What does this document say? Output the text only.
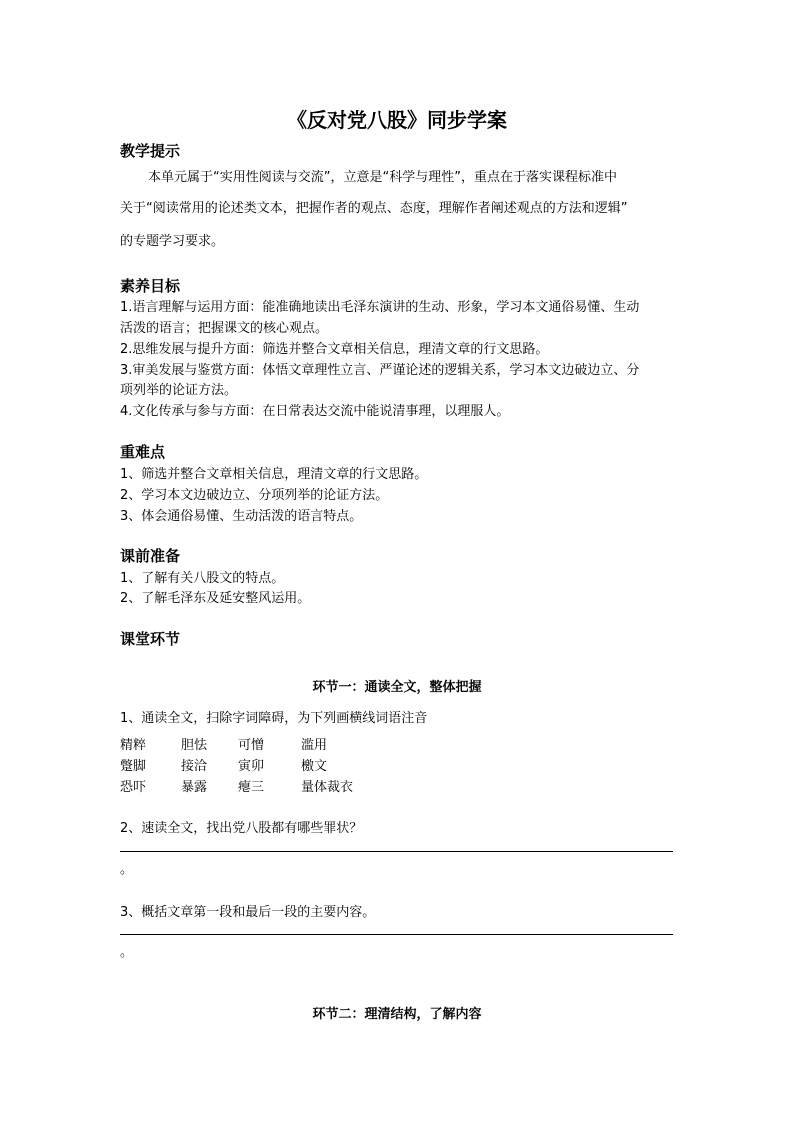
《反对党八股》同步学案
教学提示
本单元属于“实用性阅读与交流”，立意是“科学与理性”，重点在于落实课程标准中
关于“阅读常用的论述类文本，把握作者的观点、态度，理解作者阐述观点的方法和逻辑”
的专题学习要求。
素养目标
1.语言理解与运用方面：能准确地读出毛泽东演讲的生动、形象，学习本文通俗易懂、生动
活泼的语言；把握课文的核心观点。
2.思维发展与提升方面：筛选并整合文章相关信息，理清文章的行文思路。
3.审美发展与鉴赏方面：体悟文章理性立言、严谨论述的逻辑关系，学习本文边破边立、分
项列举的论证方法。
4.文化传承与参与方面：在日常表达交流中能说清事理，以理服人。
重难点
1、筛选并整合文章相关信息，理清文章的行文思路。
2、学习本文边破边立、分项列举的论证方法。
3、体会通俗易懂、生动活泼的语言特点。
课前准备
1、了解有关八股文的特点。
2、了解毛泽东及延安整风运用。
课堂环节
环节一：通读全文，整体把握
1、通读全文，扫除字词障碍，为下列画横线词语注音
精粹	胆怯 可憎	滥用
蹩脚	接洽 寅卯	檄文
恐吓	暴露 瘪三	量体裁衣
2、速读全文，找出党八股都有哪些罪状？
。
3、概括文章第一段和最后一段的主要内容。
。
环节二：理清结构，了解内容
